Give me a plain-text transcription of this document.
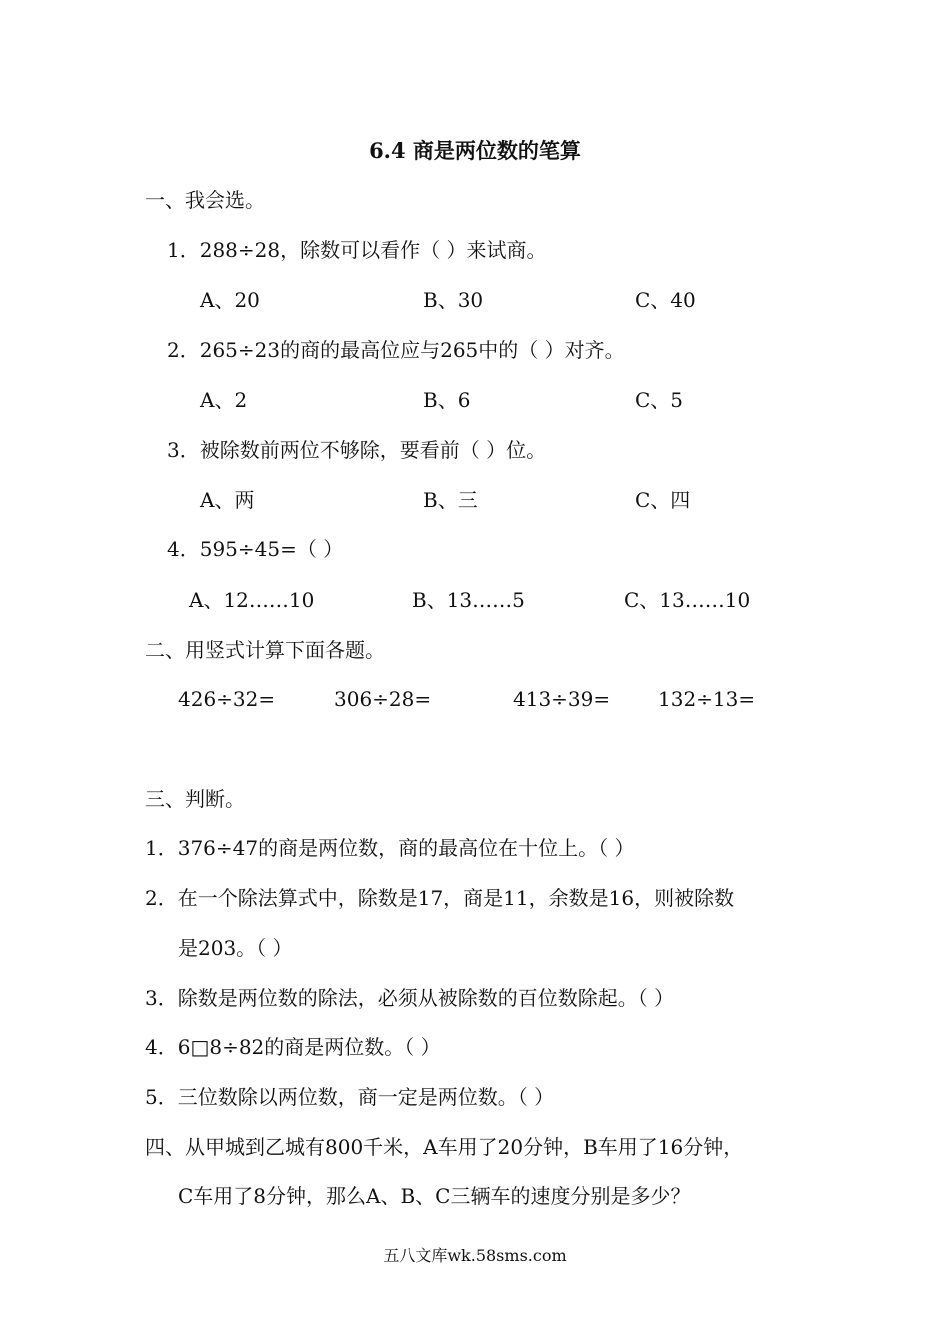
6.4 商是两位数的笔算
一、我会选。
1．288÷28，除数可以看作（ ）来试商。
A、20	B、30	C、40
2．265÷23的商的最高位应与265中的（ ）对齐。
A、2	B、6	C、5
3．被除数前两位不够除，要看前（ ）位。
A、两	B、三	C、四
4．595÷45=（ ）
A、12……10	B、13……5	C、13……10
二、用竖式计算下面各题。
426÷32=	306÷28=	413÷39= 132÷13=
三、判断。
1．376÷47的商是两位数，商的最高位在十位上。（ ）
2．在一个除法算式中，除数是17，商是11，余数是16，则被除数
是203。（ ）
3．除数是两位数的除法，必须从被除数的百位数除起。（ ）
4．6□8÷82的商是两位数。（ ）
5．三位数除以两位数，商一定是两位数。（ ）
四、从甲城到乙城有800千米，A车用了20分钟，B车用了16分钟，
C车用了8分钟，那么A、B、C三辆车的速度分别是多少？
五八文库wk.58sms.com
